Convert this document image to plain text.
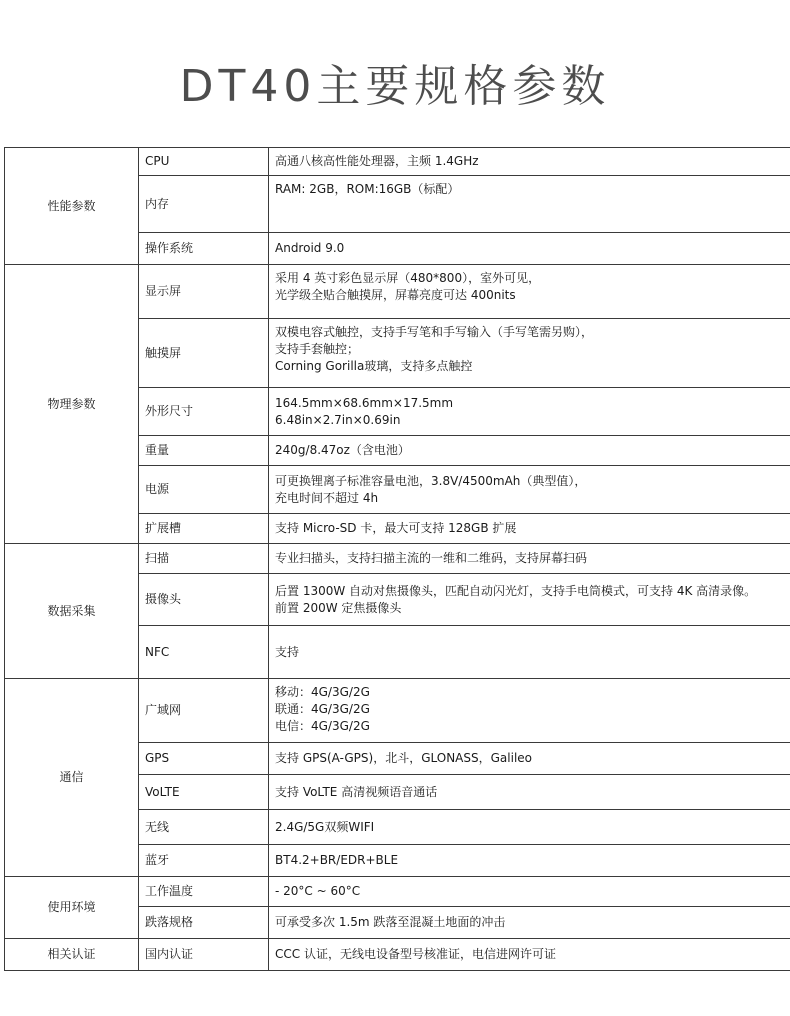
DT40主要规格参数
性能参数	CPU	高通八核高性能处理器，主频 1.4GHz

	内存	RAM: 2GB，ROM:16GB（标配）

	操作系统	Android 9.0

物理参数	显示屏	采用 4 英寸彩色显示屏（480*800），室外可见，
光学级全贴合触摸屏，屏幕亮度可达 400nits

	触摸屏	双模电容式触控，支持手写笔和手写输入（手写笔需另购），
支持手套触控；
Corning Gorilla玻璃，支持多点触控

	外形尺寸	164.5mm×68.6mm×17.5mm
6.48in×2.7in×0.69in

	重量	240g/8.47oz（含电池）

	电源	可更换锂离子标准容量电池，3.8V/4500mAh（典型值），
充电时间不超过 4h

	扩展槽	支持 Micro-SD 卡，最大可支持 128GB 扩展

数据采集	扫描	专业扫描头，支持扫描主流的一维和二维码，支持屏幕扫码

	摄像头	后置 1300W 自动对焦摄像头，匹配自动闪光灯，支持手电筒模式，可支持 4K 高清录像。
前置 200W 定焦摄像头

	NFC	支持

通信	广域网	移动：4G/3G/2G
联通：4G/3G/2G
电信：4G/3G/2G

	GPS	支持 GPS(A-GPS)，北斗，GLONASS，Galileo

	VoLTE	支持 VoLTE 高清视频语音通话

	无线	2.4G/5G双频WIFI

	蓝牙	BT4.2+BR/EDR+BLE

使用环境	工作温度	- 20°C ~ 60°C

	跌落规格	可承受多次 1.5m 跌落至混凝土地面的冲击

相关认证	国内认证	CCC 认证，无线电设备型号核准证，电信进网许可证
